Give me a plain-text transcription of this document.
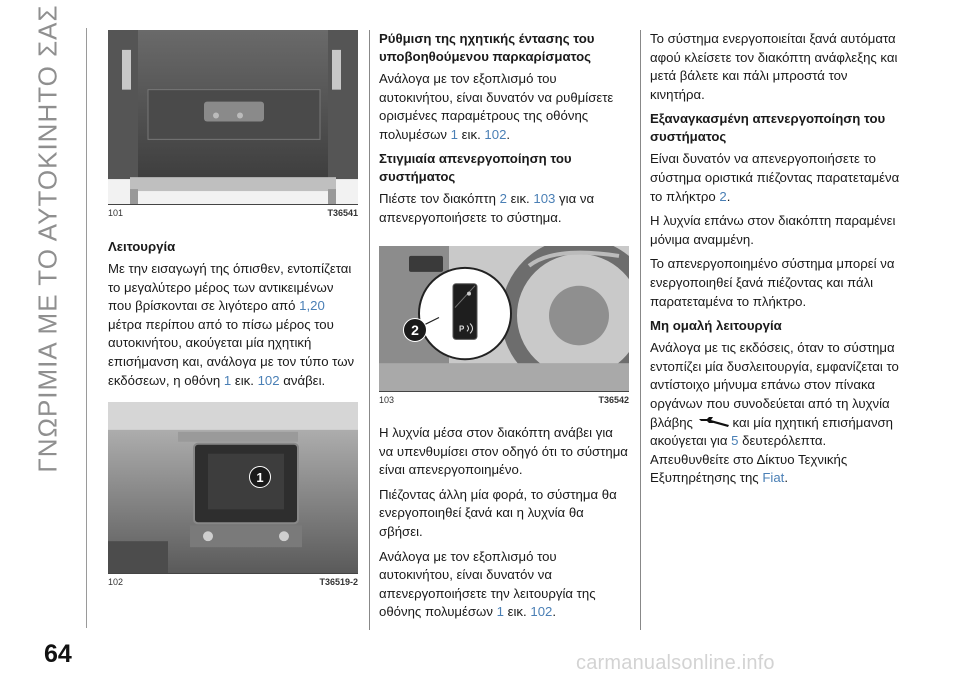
ΓΝΩΡΙΜΙΑ ΜΕ ΤΟ ΑΥΤΟΚΙΝΗΤΟ ΣΑΣ
64	carmanualsonline.info
101	T36541
Λειτουργία

Με την εισαγωγή της όπισθεν, εντοπίζεται το μεγαλύτερο μέρος των αντικειμένων που βρίσκονται σε λιγότερο από 1,20 μέτρα περίπου από το πίσω μέρος του αυτοκινήτου, ακούγεται μία ηχητική επισήμανση και, ανάλογα με τον τύπο των εκδόσεων, η οθόνη 1 εικ. 102 ανάβει.

1
102	T36519-2
Ρύθμιση της ηχητικής έντασης του υποβοηθούμενου παρκαρίσματος

Ανάλογα με τον εξοπλισμό του αυτοκινήτου, είναι δυνατόν να ρυθμίσετε ορισμένες παραμέτρους της οθόνης πολυμέσων 1 εικ. 102.

Στιγμιαία απενεργοποίηση του συστήματος

Πιέστε τον διακόπτη 2 εικ. 103 για να απενεργοποιήσετε το σύστημα.

P
2
103	T36542

Η λυχνία μέσα στον διακόπτη ανάβει για να υπενθυμίσει στον οδηγό ότι το σύστημα είναι απενεργοποιημένο.

Πιέζοντας άλλη μία φορά, το σύστημα θα ενεργοποιηθεί ξανά και η λυχνία θα σβήσει.

Ανάλογα με τον εξοπλισμό του αυτοκινήτου, είναι δυνατόν να απενεργοποιήσετε την λειτουργία της οθόνης πολυμέσων 1 εικ. 102.

Το σύστημα ενεργοποιείται ξανά αυτόματα αφού κλείσετε τον διακόπτη ανάφλεξης και μετά βάλετε και πάλι μπροστά τον κινητήρα.

Εξαναγκασμένη απενεργοποίηση του συστήματος

Είναι δυνατόν να απενεργοποιήσετε το σύστημα οριστικά πιέζοντας παρατεταμένα το πλήκτρο 2.

Η λυχνία επάνω στον διακόπτη παραμένει μόνιμα αναμμένη.

Το απενεργοποιημένο σύστημα μπορεί να ενεργοποιηθεί ξανά πιέζοντας και πάλι παρατεταμένα το πλήκτρο.

Μη ομαλή λειτουργία

Ανάλογα με τις εκδόσεις, όταν το σύστημα εντοπίζει μία δυσλειτουργία, εμφανίζεται το αντίστοιχο μήνυμα επάνω στον πίνακα οργάνων που συνοδεύεται από τη λυχνία βλάβης	και μία ηχητική επισήμανση ακούγεται για 5 δευτερόλεπτα. Απευθυνθείτε στο Δίκτυο Τεχνικής Εξυπηρέτησης της Fiat.
